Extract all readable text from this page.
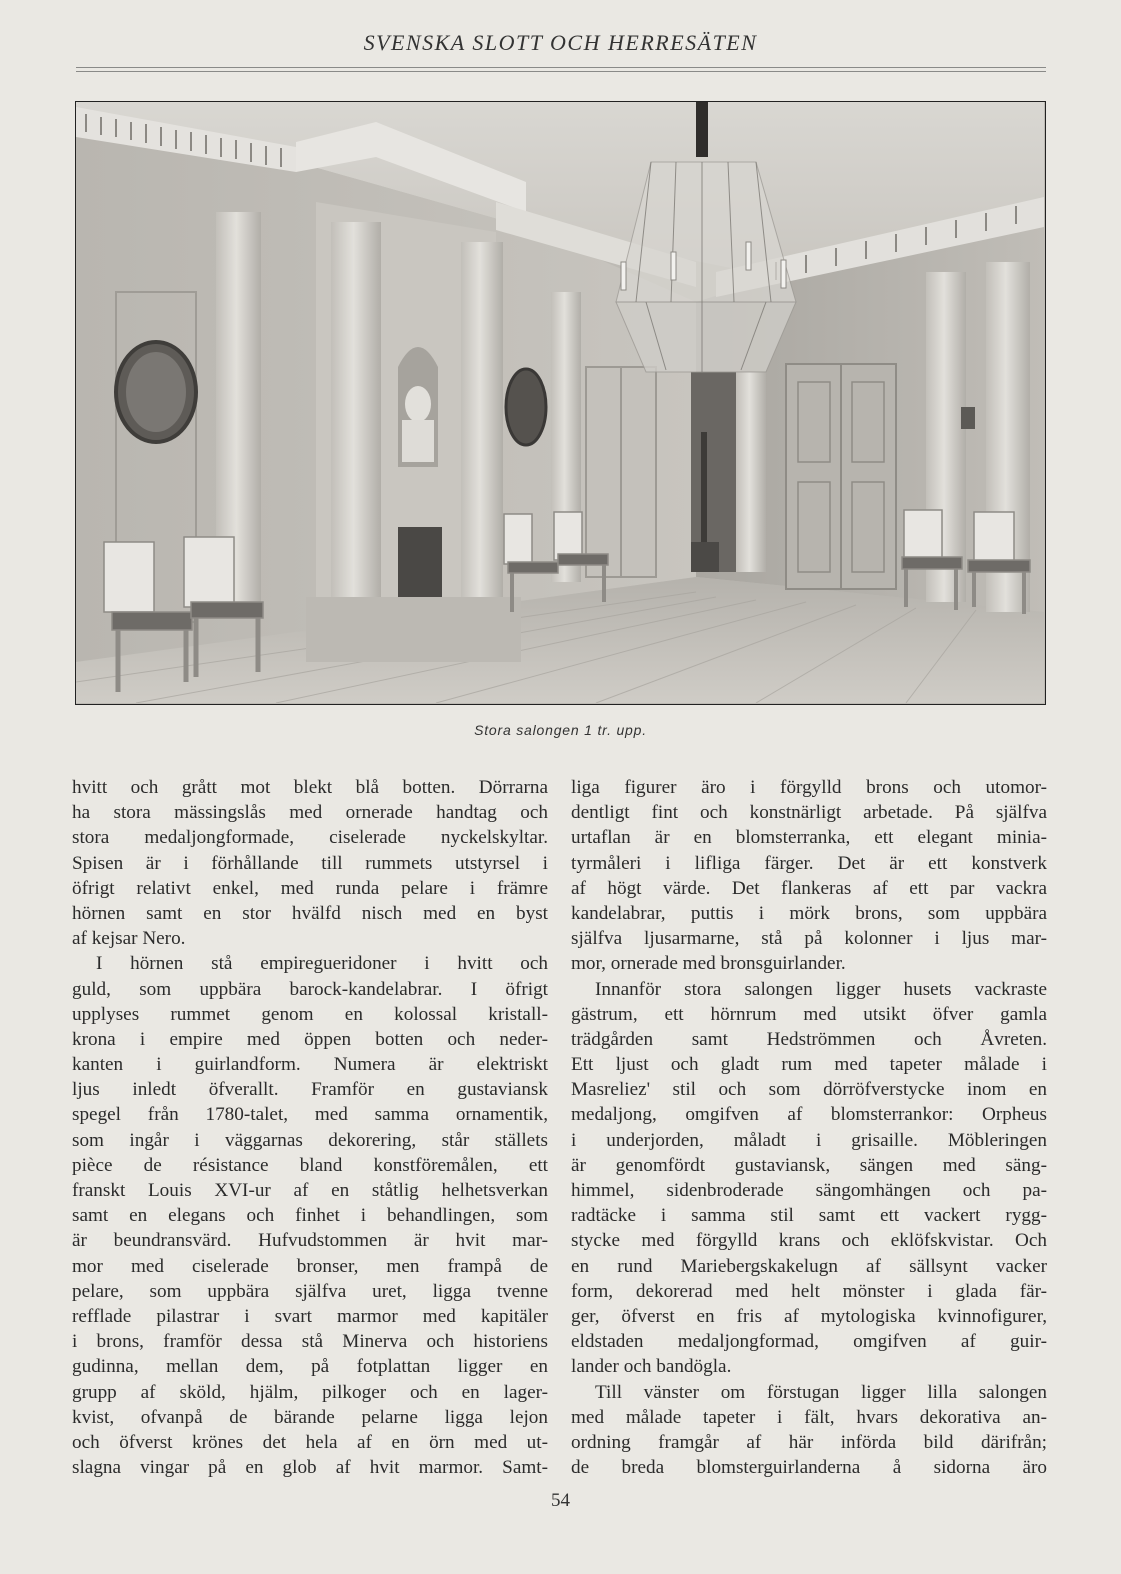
SVENSKA SLOTT OCH HERRESÄTEN
Stora salongen 1 tr. upp.
hvitt och grått mot blekt blå botten. Dörrarna
ha stora mässingslås med ornerade handtag och
stora medaljongformade, ciselerade nyckelskyltar.
Spisen är i förhållande till rummets utstyrsel i
öfrigt relativt enkel, med runda pelare i främre
hörnen samt en stor hvälfd nisch med en byst
af kejsar Nero.
I hörnen stå empiregueridoner i hvitt och
guld, som uppbära barock-kandelabrar. I öfrigt
upplyses rummet genom en kolossal kristall-
krona i empire med öppen botten och neder-
kanten i guirlandform. Numera är elektriskt
ljus inledt öfverallt. Framför en gustaviansk
spegel från 1780-talet, med samma ornamentik,
som ingår i väggarnas dekorering, står ställets
pièce de résistance bland konstföremålen, ett
franskt Louis XVI-ur af en ståtlig helhetsverkan
samt en elegans och finhet i behandlingen, som
är beundransvärd. Hufvudstommen är hvit mar-
mor med ciselerade bronser, men frampå de
pelare, som uppbära själfva uret, ligga tvenne
refflade pilastrar i svart marmor med kapitäler
i brons, framför dessa stå Minerva och historiens
gudinna, mellan dem, på fotplattan ligger en
grupp af sköld, hjälm, pilkoger och en lager-
kvist, ofvanpå de bärande pelarne ligga lejon
och öfverst krönes det hela af en örn med ut-
slagna vingar på en glob af hvit marmor. Samt-
liga figurer äro i förgylld brons och utomor-
dentligt fint och konstnärligt arbetade. På själfva
urtaflan är en blomsterranka, ett elegant minia-
tyrmåleri i lifliga färger. Det är ett konstverk
af högt värde. Det flankeras af ett par vackra
kandelabrar, puttis i mörk brons, som uppbära
själfva ljusarmarne, stå på kolonner i ljus mar-
mor, ornerade med bronsguirlander.
Innanför stora salongen ligger husets vackraste
gästrum, ett hörnrum med utsikt öfver gamla
trädgården samt Hedströmmen och Åvreten.
Ett ljust och gladt rum med tapeter målade i
Masreliez' stil och som dörröfverstycke inom en
medaljong, omgifven af blomsterrankor: Orpheus
i underjorden, måladt i grisaille. Möbleringen
är genomfördt gustaviansk, sängen med säng-
himmel, sidenbroderade sängomhängen och pa-
radtäcke i samma stil samt ett vackert rygg-
stycke med förgylld krans och eklöfskvistar. Och
en rund Mariebergskakelugn af sällsynt vacker
form, dekorerad med helt mönster i glada fär-
ger, öfverst en fris af mytologiska kvinnofigurer,
eldstaden medaljongformad, omgifven af guir-
lander och bandögla.
Till vänster om förstugan ligger lilla salongen
med målade tapeter i fält, hvars dekorativa an-
ordning framgår af här införda bild därifrån;
de breda blomsterguirlanderna å sidorna äro
54
